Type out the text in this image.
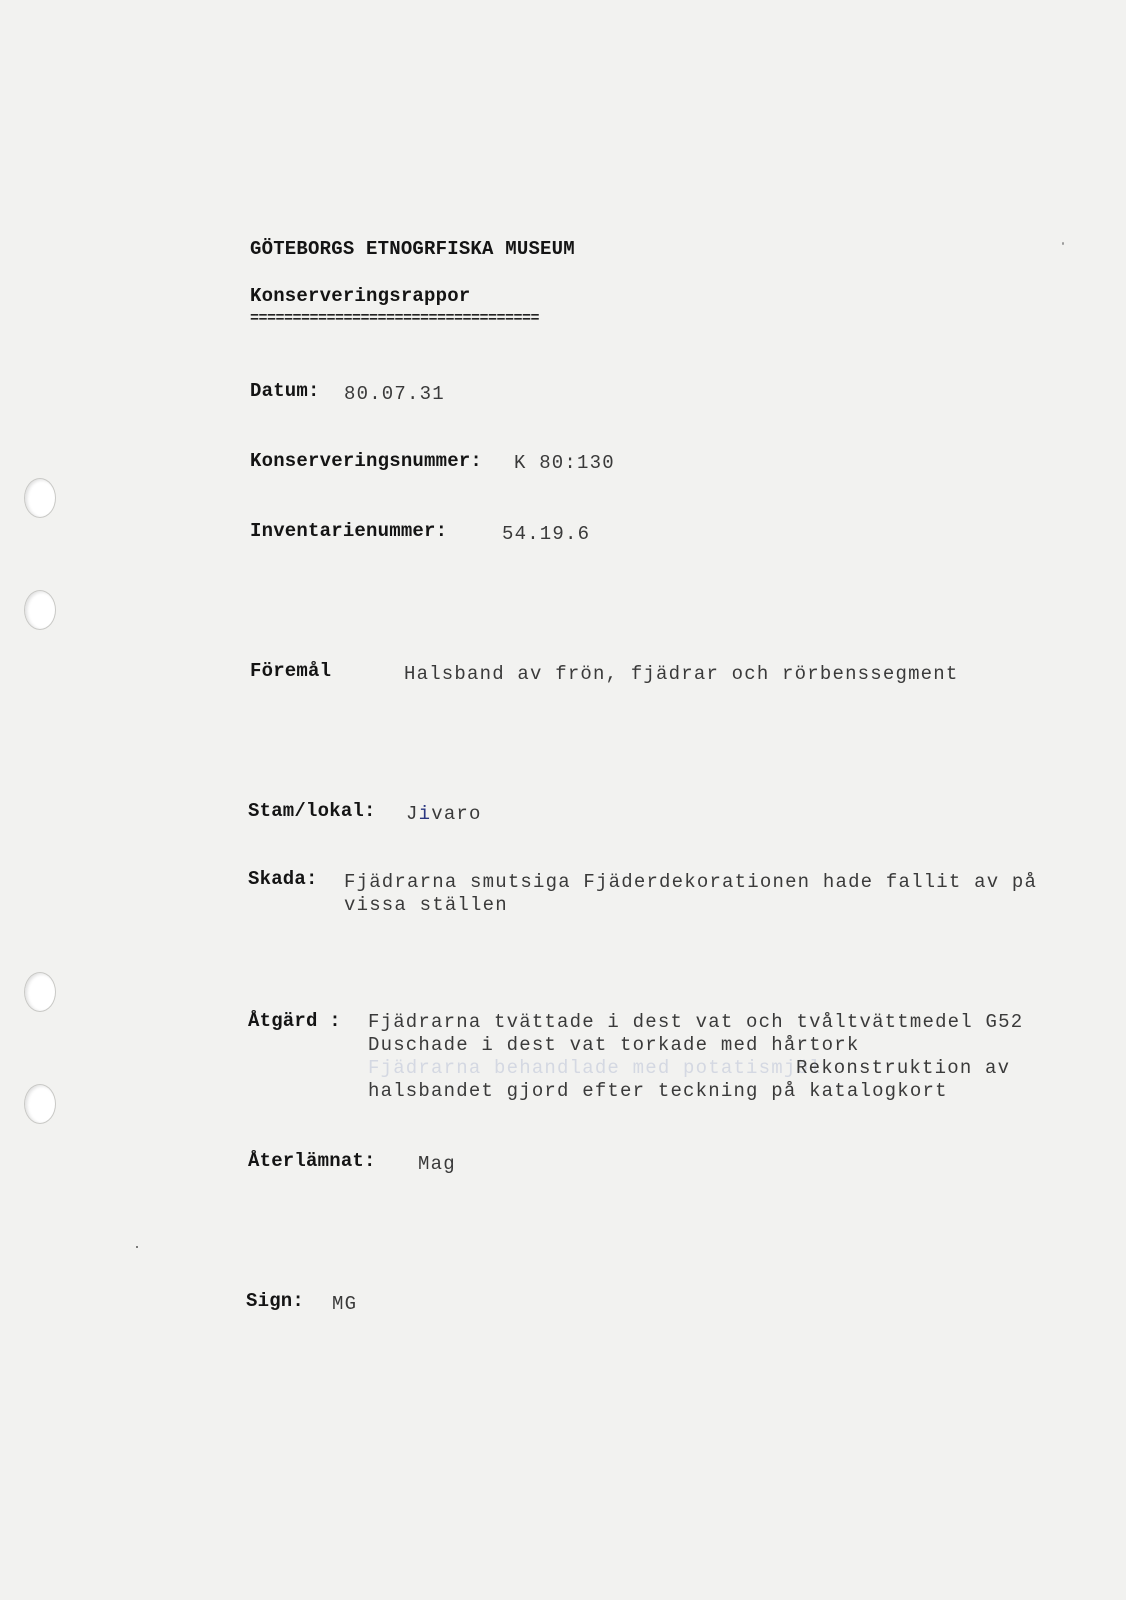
GÖTEBORGS ETNOGRFISKA MUSEUM
Konserveringsrappor
==================================
Datum: 80.07.31
Konserveringsnummer: K 80:130
Inventarienummer:	54.19.6
Föremål	Halsband av frön, fjädrar och rörbenssegment
Stam/lokal: Jivaro
Skada: Fjädrarna smutsiga Fjäderdekorationen hade fallit av på
vissa ställen
Åtgärd : Fjädrarna tvättade i dest vat och tvåltvättmedel G52
Duschade i dest vat torkade med hårtork
Fjädrarna behandlade med potatismjöl
Rekonstruktion av
halsbandet gjord efter teckning på katalogkort
Återlämnat: Mag
Sign: MG
